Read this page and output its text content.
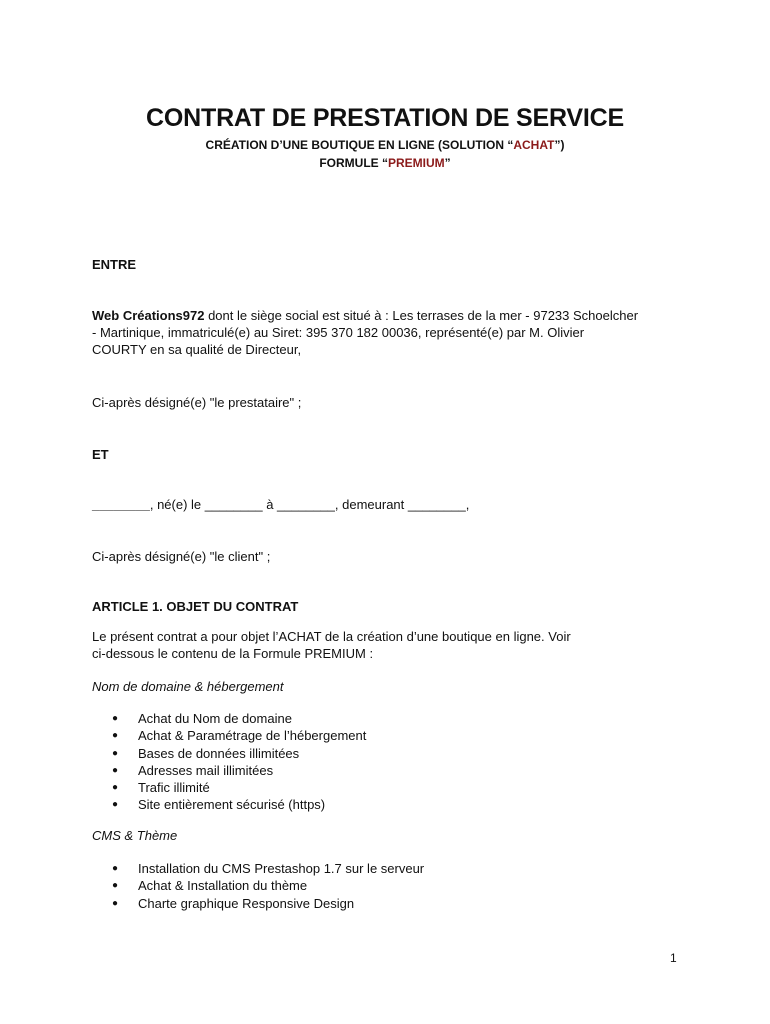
CONTRAT DE PRESTATION DE SERVICE
CRÉATION D’UNE BOUTIQUE EN LIGNE (SOLUTION “ACHAT”)
FORMULE “PREMIUM”
ENTRE
Web Créations972 dont le siège social est situé à : Les terrases de la mer - 97233 Schoelcher
- Martinique, immatriculé(e) au Siret: 395 370 182 00036, représenté(e) par M. Olivier
COURTY en sa qualité de Directeur,
Ci-après désigné(e) "le prestataire" ;
ET
________, né(e) le ________ à ________, demeurant ________,
Ci-après désigné(e) "le client" ;
ARTICLE 1. OBJET DU CONTRAT
Le présent contrat a pour objet l’ACHAT de la création d’une boutique en ligne. Voir
ci-dessous le contenu de la Formule PREMIUM :
Nom de domaine & hébergement
● Achat du Nom de domaine
● Achat & Paramétrage de l’hébergement
● Bases de données illimitées
● Adresses mail illimitées
● Trafic illimité
● Site entièrement sécurisé (https)
CMS & Thème
● Installation du CMS Prestashop 1.7 sur le serveur
● Achat & Installation du thème
● Charte graphique Responsive Design
1
